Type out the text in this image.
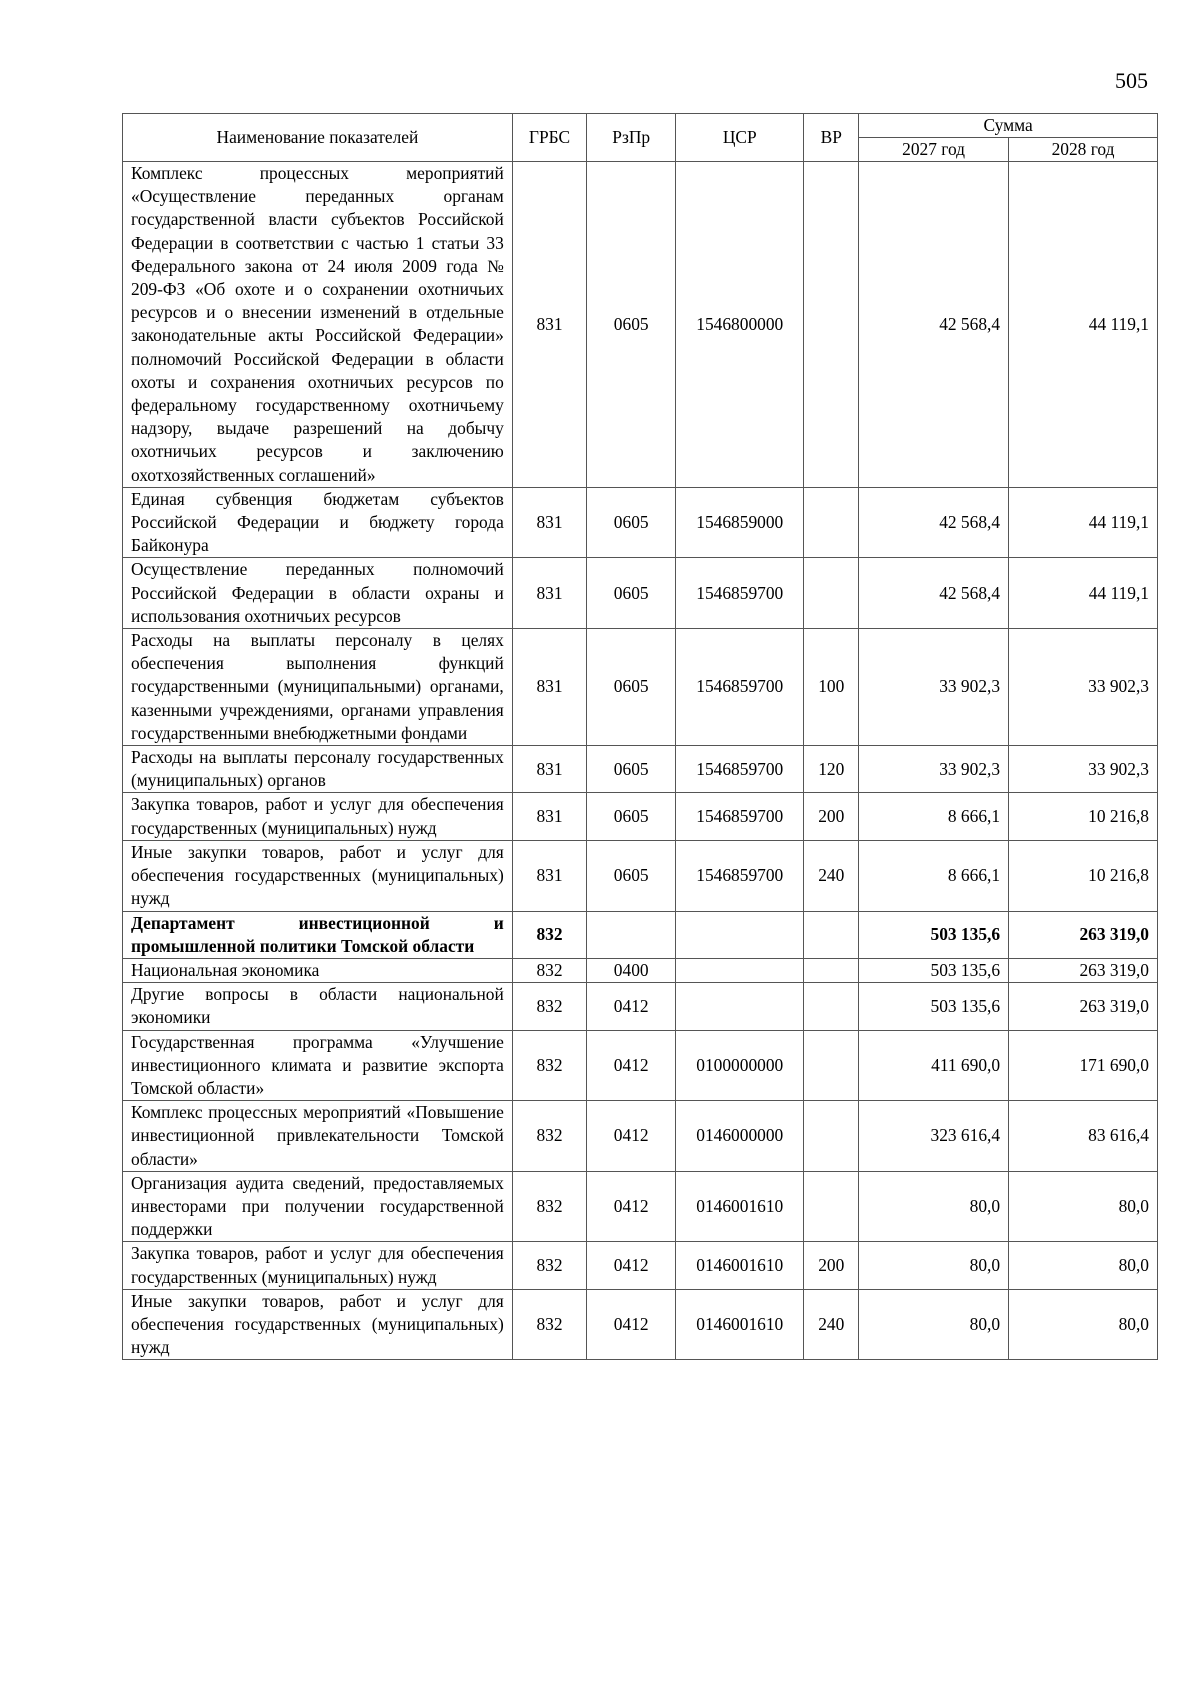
505
Наименование показателей	ГРБС	РзПр	ЦСР	ВР	Сумма	
					2027 год	2028 год
Комплекс процессных мероприятий «Осуществление переданных органам государственной власти субъектов Российской Федерации в соответствии с частью 1 статьи 33 Федерального закона от 24 июля 2009 года № 209-ФЗ «Об охоте и о сохранении охотничьих ресурсов и о внесении изменений в отдельные законодательные акты Российской Федерации» полномочий Российской Федерации в области охоты и сохранения охотничьих ресурсов по федеральному государственному охотничьему надзору, выдаче разрешений на добычу охотничьих ресурсов и заключению охотхозяйственных соглашений»	831	0605	1546800000		42 568,4	44 119,1
Единая субвенция бюджетам субъектов Российской Федерации и бюджету города Байконура	831	0605	1546859000		42 568,4	44 119,1
Осуществление переданных полномочий Российской Федерации в области охраны и использования охотничьих ресурсов	831	0605	1546859700		42 568,4	44 119,1
Расходы на выплаты персоналу в целях обеспечения выполнения функций государственными (муниципальными) органами, казенными учреждениями, органами управления государственными внебюджетными фондами	831	0605	1546859700	100	33 902,3	33 902,3
Расходы на выплаты персоналу государственных (муниципальных) органов	831	0605	1546859700	120	33 902,3	33 902,3
Закупка товаров, работ и услуг для обеспечения государственных (муниципальных) нужд	831	0605	1546859700	200	8 666,1	10 216,8
Иные закупки товаров, работ и услуг для обеспечения государственных (муниципальных) нужд	831	0605	1546859700	240	8 666,1	10 216,8
Департамент инвестиционной и промышленной политики Томской области	832				503 135,6	263 319,0
Национальная экономика	832	0400			503 135,6	263 319,0
Другие вопросы в области национальной экономики	832	0412			503 135,6	263 319,0
Государственная программа «Улучшение инвестиционного климата и развитие экспорта Томской области»	832	0412	0100000000		411 690,0	171 690,0
Комплекс процессных мероприятий «Повышение инвестиционной привлекательности Томской области»	832	0412	0146000000		323 616,4	83 616,4
Организация аудита сведений, предоставляемых инвесторами при получении государственной поддержки	832	0412	0146001610		80,0	80,0
Закупка товаров, работ и услуг для обеспечения государственных (муниципальных) нужд	832	0412	0146001610	200	80,0	80,0
Иные закупки товаров, работ и услуг для обеспечения государственных (муниципальных) нужд	832	0412	0146001610	240	80,0	80,0
